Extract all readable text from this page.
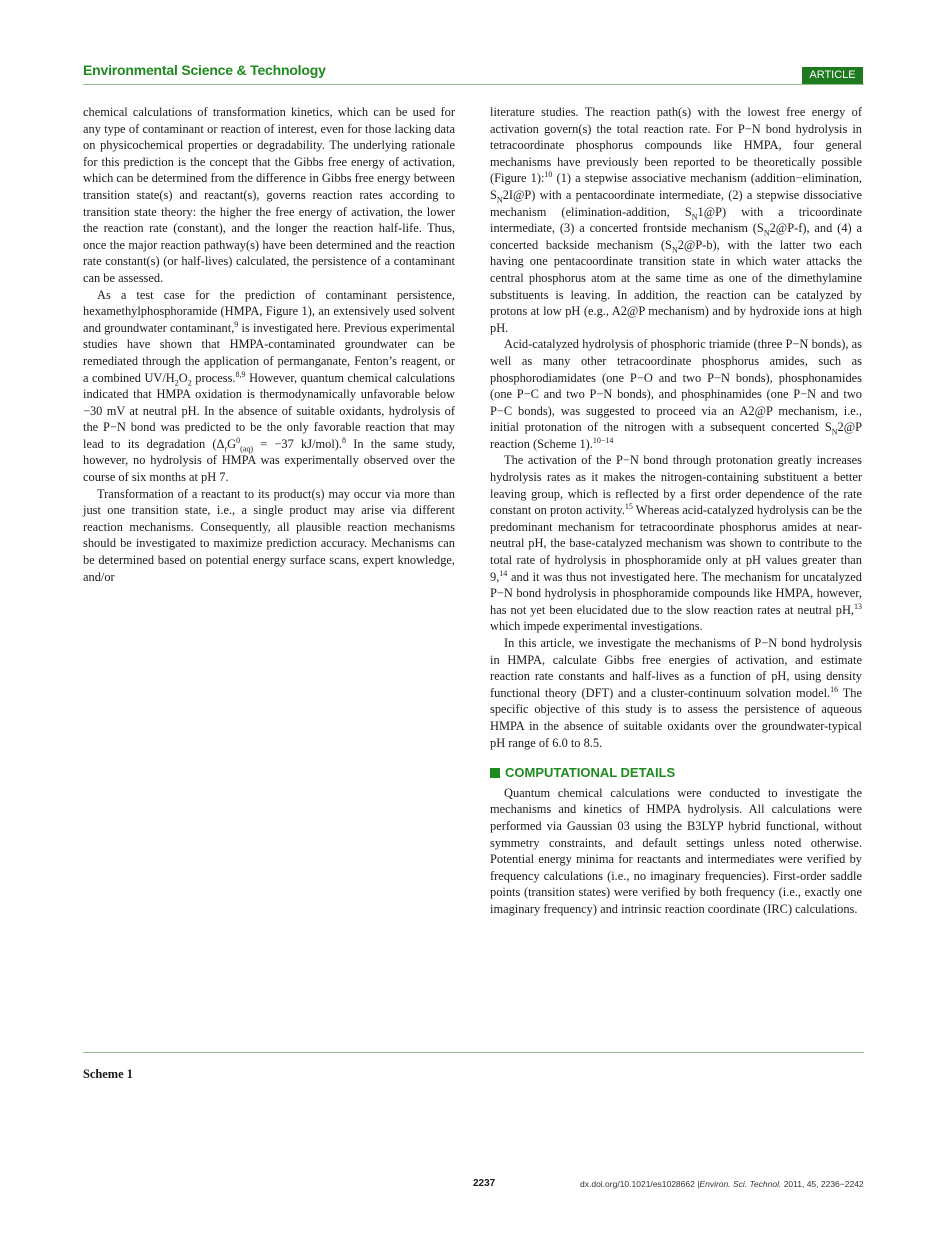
Environmental Science & Technology	ARTICLE

chemical calculations of transformation kinetics, which can be used for any type of contaminant or reaction of interest, even for those lacking data on physicochemical properties or degradability. The underlying rationale for this prediction is the concept that the Gibbs free energy of activation, which can be determined from the difference in Gibbs free energy between transition state(s) and reactant(s), governs reaction rates according to transition state theory: the higher the free energy of activation, the lower the reaction rate (constant), and the longer the reaction half-life. Thus, once the major reaction pathway(s) have been determined and the reaction rate constant(s) (or half-lives) calculated, the persistence of a contaminant can be assessed.

As a test case for the prediction of contaminant persistence, hexamethylphosphoramide (HMPA, Figure 1), an extensively used solvent and groundwater contaminant,$^9$ is investigated here. Previous experimental studies have shown that HMPA-contaminated groundwater can be remediated through the application of permanganate, Fenton’s reagent, or a combined $UV/H_2O_2$ process.$^{8,9}$ However, quantum chemical calculations indicated that HMPA oxidation is thermodynamically unfavorable below −30 mV at neutral pH. In the absence of suitable oxidants, hydrolysis of the P−N bond was predicted to be the only favorable reaction that may lead to its degradation ($\Delta_rG^0_{(aq)} = -37$ kJ/mol).$^8$ In the same study, however, no hydrolysis of HMPA was experimentally observed over the course of six months at pH 7.

Transformation of a reactant to its product(s) may occur via more than just one transition state, i.e., a single product may arise via different reaction mechanisms. Consequently, all plausible reaction mechanisms should be investigated to maximize prediction accuracy. Mechanisms can be determined based on potential energy surface scans, expert knowledge, and/or

literature studies. The reaction path(s) with the lowest free energy of activation govern(s) the total reaction rate. For P−N bond hydrolysis in tetracoordinate phosphorus compounds like HMPA, four general mechanisms have previously been reported to be theoretically possible (Figure 1):$^{10}$ (1) a stepwise associative mechanism (addition−elimination, $S_N2I@P$) with a pentacoordinate intermediate, (2) a stepwise dissociative mechanism (elimination-addition, $S_N1@P$) with a tricoordinate intermediate, (3) a concerted frontside mechanism $(S_N2@P-f)$, and (4) a concerted backside mechanism $(S_N2@P-b)$, with the latter two each having one pentacoordinate transition state in which water attacks the central phosphorus atom at the same time as one of the dimethylamine substituents is leaving. In addition, the reaction can be catalyzed by protons at low pH (e.g., A2@P mechanism) and by hydroxide ions at high pH.

Acid-catalyzed hydrolysis of phosphoric triamide (three P−N bonds), as well as many other tetracoordinate phosphorus amides, such as phosphorodiamidates (one P−O and two P−N bonds), phosphonamides (one P−C and two P−N bonds), and phosphinamides (one P−N and two P−C bonds), was suggested to proceed via an A2@P mechanism, i.e., initial protonation of the nitrogen with a subsequent concerted $S_N2@P$ reaction (Scheme 1).$^{10-14}$

The activation of the P−N bond through protonation greatly increases hydrolysis rates as it makes the nitrogen-containing substituent a better leaving group, which is reflected by a first order dependence of the rate constant on proton activity.$^{15}$ Whereas acid-catalyzed hydrolysis can be the predominant mechanism for tetracoordinate phosphorus amides at near-neutral pH, the base-catalyzed mechanism was shown to contribute to the total rate of hydrolysis in phosphoramide only at pH values greater than 9,14 and it was thus not investigated here. The mechanism for uncatalyzed P−N bond hydrolysis in phosphoramide compounds like HMPA, however, has not yet been elucidated due to the slow reaction rates at neutral pH,$^{13}$ which impede experimental investigations.

In this article, we investigate the mechanisms of P−N bond hydrolysis in HMPA, calculate Gibbs free energies of activation, and estimate reaction rate constants and half-lives as a function of pH, using density functional theory (DFT) and a cluster-continuum solvation model.$^{16}$ The specific objective of this study is to assess the persistence of aqueous HMPA in the absence of suitable oxidants over the groundwater-typical pH range of 6.0 to 8.5.

COMPUTATIONAL DETAILS

Quantum chemical calculations were conducted to investigate the mechanisms and kinetics of HMPA hydrolysis. All calculations were performed via Gaussian 03 using the B3LYP hybrid functional, without symmetry constraints, and default settings unless noted otherwise. Potential energy minima for reactants and intermediates were verified by frequency calculations (i.e., no imaginary frequencies). First-order saddle points (transition states) were verified by both frequency (i.e., exactly one imaginary frequency) and intrinsic reaction coordinate (IRC) calculations.

Scheme 1
2237	dx.doi.org/10.1021/es1028662 |Environ. Sci. Technol. 2011, 45, 2236−2242
